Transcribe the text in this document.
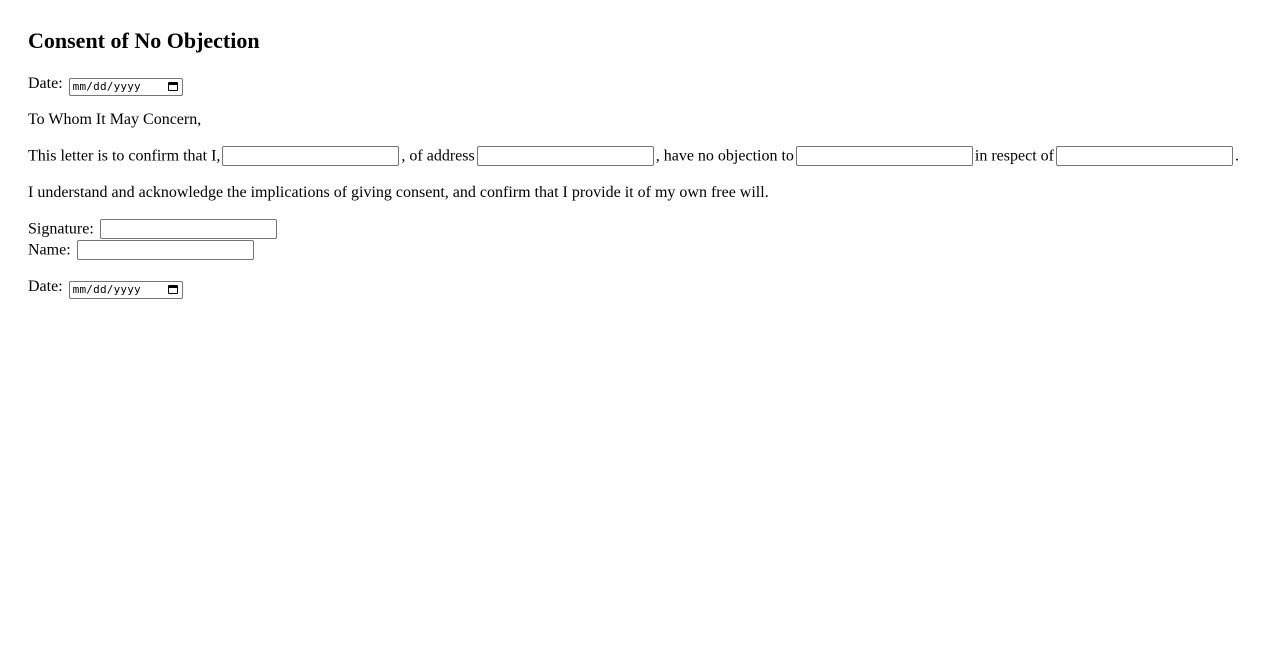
Consent of No Objection

Date: mm/dd/yyyy

To Whom It May Concern,

This letter is to confirm that I,	, of address	, have no objection to	in respect of	.

I understand and acknowledge the implications of giving consent, and confirm that I provide it of my own free will.

Signature:
Name:

Date: mm/dd/yyyy
